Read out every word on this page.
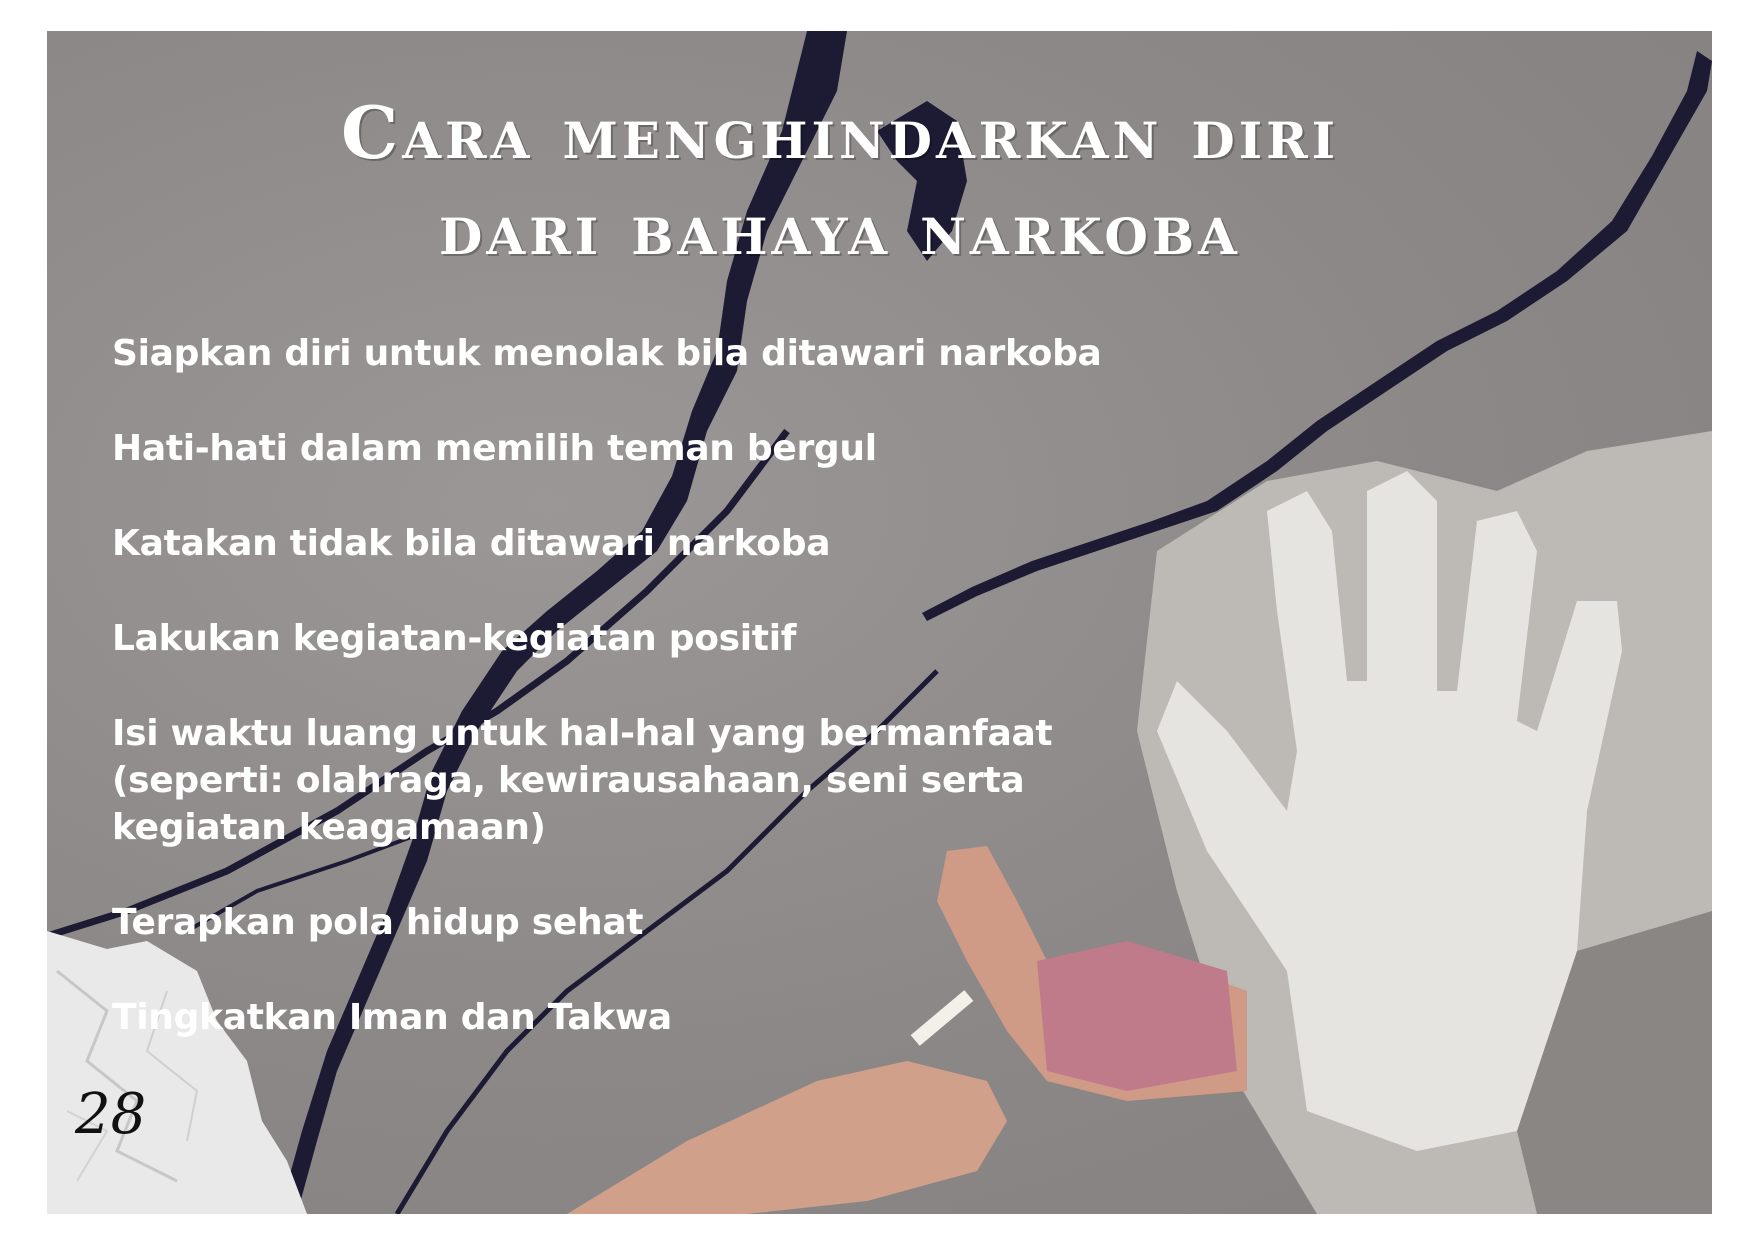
Cara menghindarkan diri
dari bahaya narkoba
Siapkan diri untuk menolak bila ditawari narkoba
Hati-hati dalam memilih teman bergul
Katakan tidak bila ditawari narkoba
Lakukan kegiatan-kegiatan positif
Isi waktu luang untuk hal-hal yang bermanfaat (seperti: olahraga, kewirausahaan, seni serta kegiatan keagamaan)
Terapkan pola hidup sehat
Tingkatkan Iman dan Takwa
28
